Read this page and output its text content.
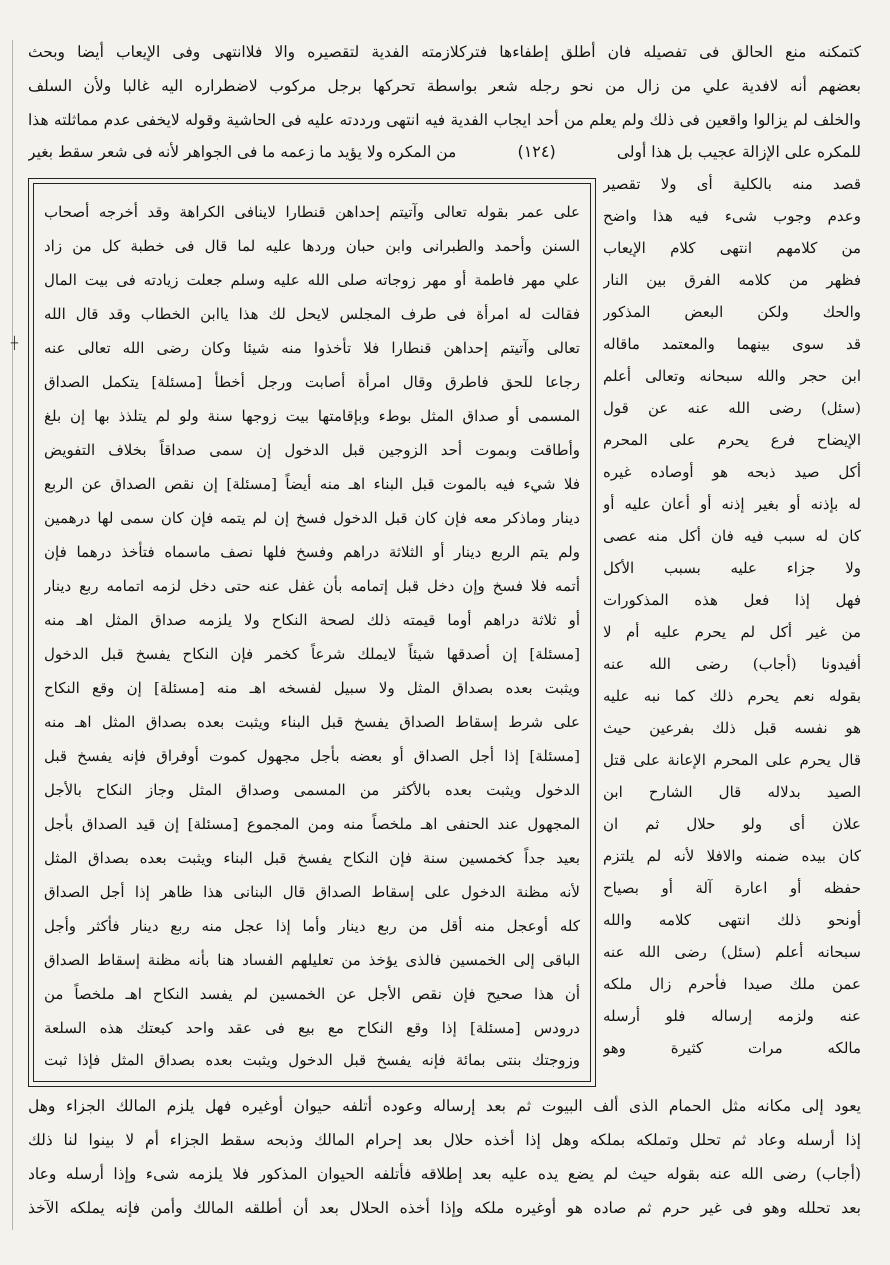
┼
كتمكنه منع الحالق فى تفصيله فان أطلق إطفاءها فتركلازمته الفدية لتقصيره والا فلاانتهى وفى الإيعاب أيضا وبحث
بعضهم أنه لافدية علي من زال من نحو رجله شعر بواسطة تحركها برجل مركوب لاضطراره اليه غالبا ولأن السلف
والخلف لم يزالوا واقعين فى ذلك ولم يعلم من أحد ايجاب الفدية فيه انتهى ورددته عليه فى الحاشية وقوله لايخفى عدم مماثلته هذا
للمكره على الإزالة عجيب بل هذا أولى
(١٢٤)
من المكره ولا يؤيد ما زعمه ما فى الجواهر لأنه فى شعر سقط بغير
قصد منه بالكلية أى ولا تقصير
وعدم وجوب شىء فيه هذا واضح
من كلامهم انتهى كلام الإيعاب
فظهر من كلامه الفرق بين النار
والحك ولكن البعض المذكور
قد سوى بينهما والمعتمد ماقاله
ابن حجر والله سبحانه وتعالى أعلم
(سئل) رضى الله عنه عن قول
الإيضاح فرع يحرم على المحرم
أكل صيد ذبحه هو أوصاده غيره
له بإذنه أو بغير إذنه أو أعان عليه أو
كان له سبب فيه فان أكل منه عصى
ولا جزاء عليه بسبب الأكل
فهل إذا فعل هذه المذكورات
من غير أكل لم يحرم عليه أم لا
أفيدونا (أجاب) رضى الله عنه
بقوله نعم يحرم ذلك كما نبه عليه
هو نفسه قبل ذلك بفرعين حيث
قال يحرم على المحرم الإعانة على قتل
الصيد بدلاله قال الشارح ابن
علان أى ولو حلال ثم ان
كان بيده ضمنه والافلا لأنه لم يلتزم
حفظه أو اعارة آلة أو بصياح
أونحو ذلك انتهى كلامه والله
سبحانه أعلم (سئل) رضى الله عنه
عمن ملك صيدا فأحرم زال ملكه
عنه ولزمه إرساله فلو أرسله
مالكه مرات كثيرة وهو
على عمر بقوله تعالى وآتيتم إحداهن قنطارا لاينافى الكراهة وقد أخرجه أصحاب
السنن وأحمد والطبرانى وابن حبان وردها عليه لما قال فى خطبة كل من زاد
علي مهر فاطمة أو مهر زوجاته صلى الله عليه وسلم جعلت زيادته فى بيت المال
فقالت له امرأة فى طرف المجلس لايحل لك هذا ياابن الخطاب وقد قال الله
تعالى وآتيتم إحداهن قنطارا فلا تأخذوا منه شيئا وكان رضى الله تعالى عنه
رجاعا للحق فاطرق وقال امرأة أصابت ورجل أخطأ [مسئلة] يتكمل الصداق
المسمى أو صداق المثل بوطء وبإقامتها بيت زوجها سنة ولو لم يتلذذ بها إن بلغ
وأطاقت وبموت أحد الزوجين قبل الدخول إن سمى صداقاً بخلاف التفويض
فلا شيء فيه بالموت قبل البناء اهـ منه أيضاً [مسئلة] إن نقص الصداق عن الربع
دينار وماذكر معه فإن كان قبل الدخول فسخ إن لم يتمه فإن كان سمى لها درهمين
ولم يتم الربع دينار أو الثلاثة دراهم وفسخ فلها نصف ماسماه فتأخذ درهما فإن
أتمه فلا فسخ وإن دخل قبل إتمامه بأن غفل عنه حتى دخل لزمه اتمامه ربع دينار
أو ثلاثة دراهم أوما قيمته ذلك لصحة النكاح ولا يلزمه صداق المثل اهـ منه
[مسئلة] إن أصدقها شيئاً لايملك شرعاً كخمر فإن النكاح يفسخ قبل الدخول
ويثبت بعده بصداق المثل ولا سبيل لفسخه اهـ منه [مسئلة] إن وقع النكاح
على شرط إسقاط الصداق يفسخ قبل البناء ويثبت بعده بصداق المثل اهـ منه
[مسئلة] إذا أجل الصداق أو بعضه بأجل مجهول كموت أوفراق فإنه يفسخ قبل
الدخول ويثبت بعده بالأكثر من المسمى وصداق المثل وجاز النكاح بالأجل
المجهول عند الحنفى اهـ ملخصاً منه ومن المجموع [مسئلة] إن قيد الصداق بأجل
بعيد جداً كخمسين سنة فإن النكاح يفسخ قبل البناء ويثبت بعده بصداق المثل
لأنه مظنة الدخول على إسقاط الصداق قال البنانى هذا ظاهر إذا أجل الصداق
كله أوعجل منه أقل من ربع دينار وأما إذا عجل منه ربع دينار فأكثر وأجل
الباقى إلى الخمسين فالذى يؤخذ من تعليلهم الفساد هنا بأنه مظنة إسقاط الصداق
أن هذا صحيح فإن نقص الأجل عن الخمسين لم يفسد النكاح اهـ ملخصاً من
درودس [مسئلة] إذا وقع النكاح مع بيع فى عقد واحد كبعتك هذه السلعة
وزوجتك بنتى بمائة فإنه يفسخ قبل الدخول ويثبت بعده بصداق المثل فإذا ثبت
يعود إلى مكانه مثل الحمام الذى ألف البيوت ثم بعد إرساله وعوده أتلفه حيوان أوغيره فهل يلزم المالك الجزاء وهل
إذا أرسله وعاد ثم تحلل وتملكه بملكه وهل إذا أخذه حلال بعد إحرام المالك وذبحه سقط الجزاء أم لا بينوا لنا ذلك
(أجاب) رضى الله عنه بقوله حيث لم يضع يده عليه بعد إطلاقه فأتلفه الحيوان المذكور فلا يلزمه شىء وإذا أرسله وعاد
بعد تحلله وهو فى غير حرم ثم صاده هو أوغيره ملكه وإذا أخذه الحلال بعد أن أطلقه المالك وأمن فإنه يملكه الآخذ
